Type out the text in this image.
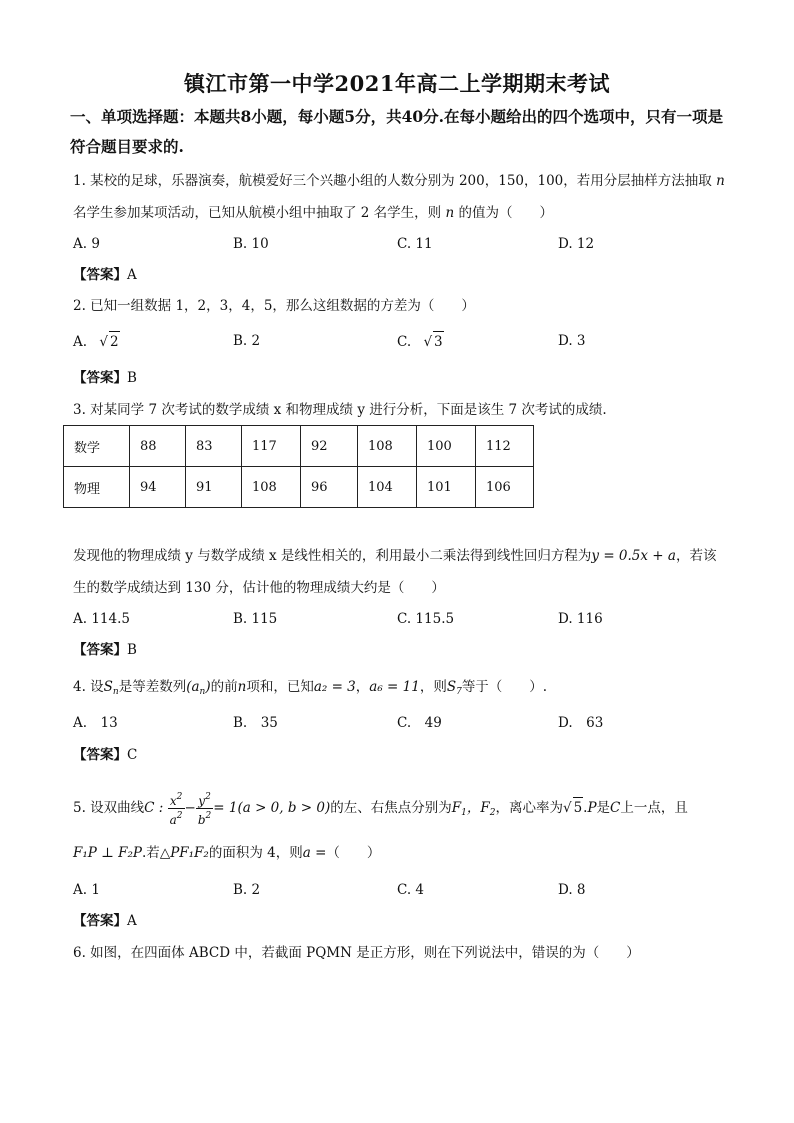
镇江市第一中学2021年高二上学期期末考试
一、单项选择题：本题共8小题，每小题5分，共40分.在每小题给出的四个选项中，只有一项是符合题目要求的.
1. 某校的足球，乐器演奏，航模爱好三个兴趣小组的人数分别为 200，150，100，若用分层抽样方法抽取 n
名学生参加某项活动，已知从航模小组中抽取了 2 名学生，则 n 的值为（　　）
A. 9	B. 10	C. 11	D. 12
【答案】A
2. 已知一组数据 1，2，3，4，5，那么这组数据的方差为（　　）
A. √ 2	B. 2	C. √ 3	D. 3
【答案】B
3. 对某同学 7 次考试的数学成绩 x 和物理成绩 y 进行分析，下面是该生 7 次考试的成绩.
数学	88	83	117	92	108	100	112
物理	94	91	108	96	104	101	106
发现他的物理成绩 y 与数学成绩 x 是线性相关的，利用最小二乘法得到线性回归方程为y = 0.5x + a，若该
生的数学成绩达到 130 分，估计他的物理成绩大约是（　　）
A. 114.5	B. 115	C. 115.5	D. 116
【答案】B
4. 设$S_n$是等差数列$(a_n)$的前n项和，已知a₂ = 3，a₆ = 11，则$S_7$等于（　　）.
A.　13	B.　35	C.　49	D.　63
【答案】C
5. 设双曲线C : $\frac{x^2}{a^2} - \frac{y^2}{b^2} = 1(a > 0$, b > 0)的左、右焦点分别为$F_1$，$F_2$，离心率为√ 5.P是C上一点，且
F₁P ⊥ F₂P.若△PF₁F₂的面积为 4，则a =（　　）
A. 1	B. 2	C. 4	D. 8
【答案】A
6. 如图，在四面体 ABCD 中，若截面 PQMN 是正方形，则在下列说法中，错误的为（　　）
